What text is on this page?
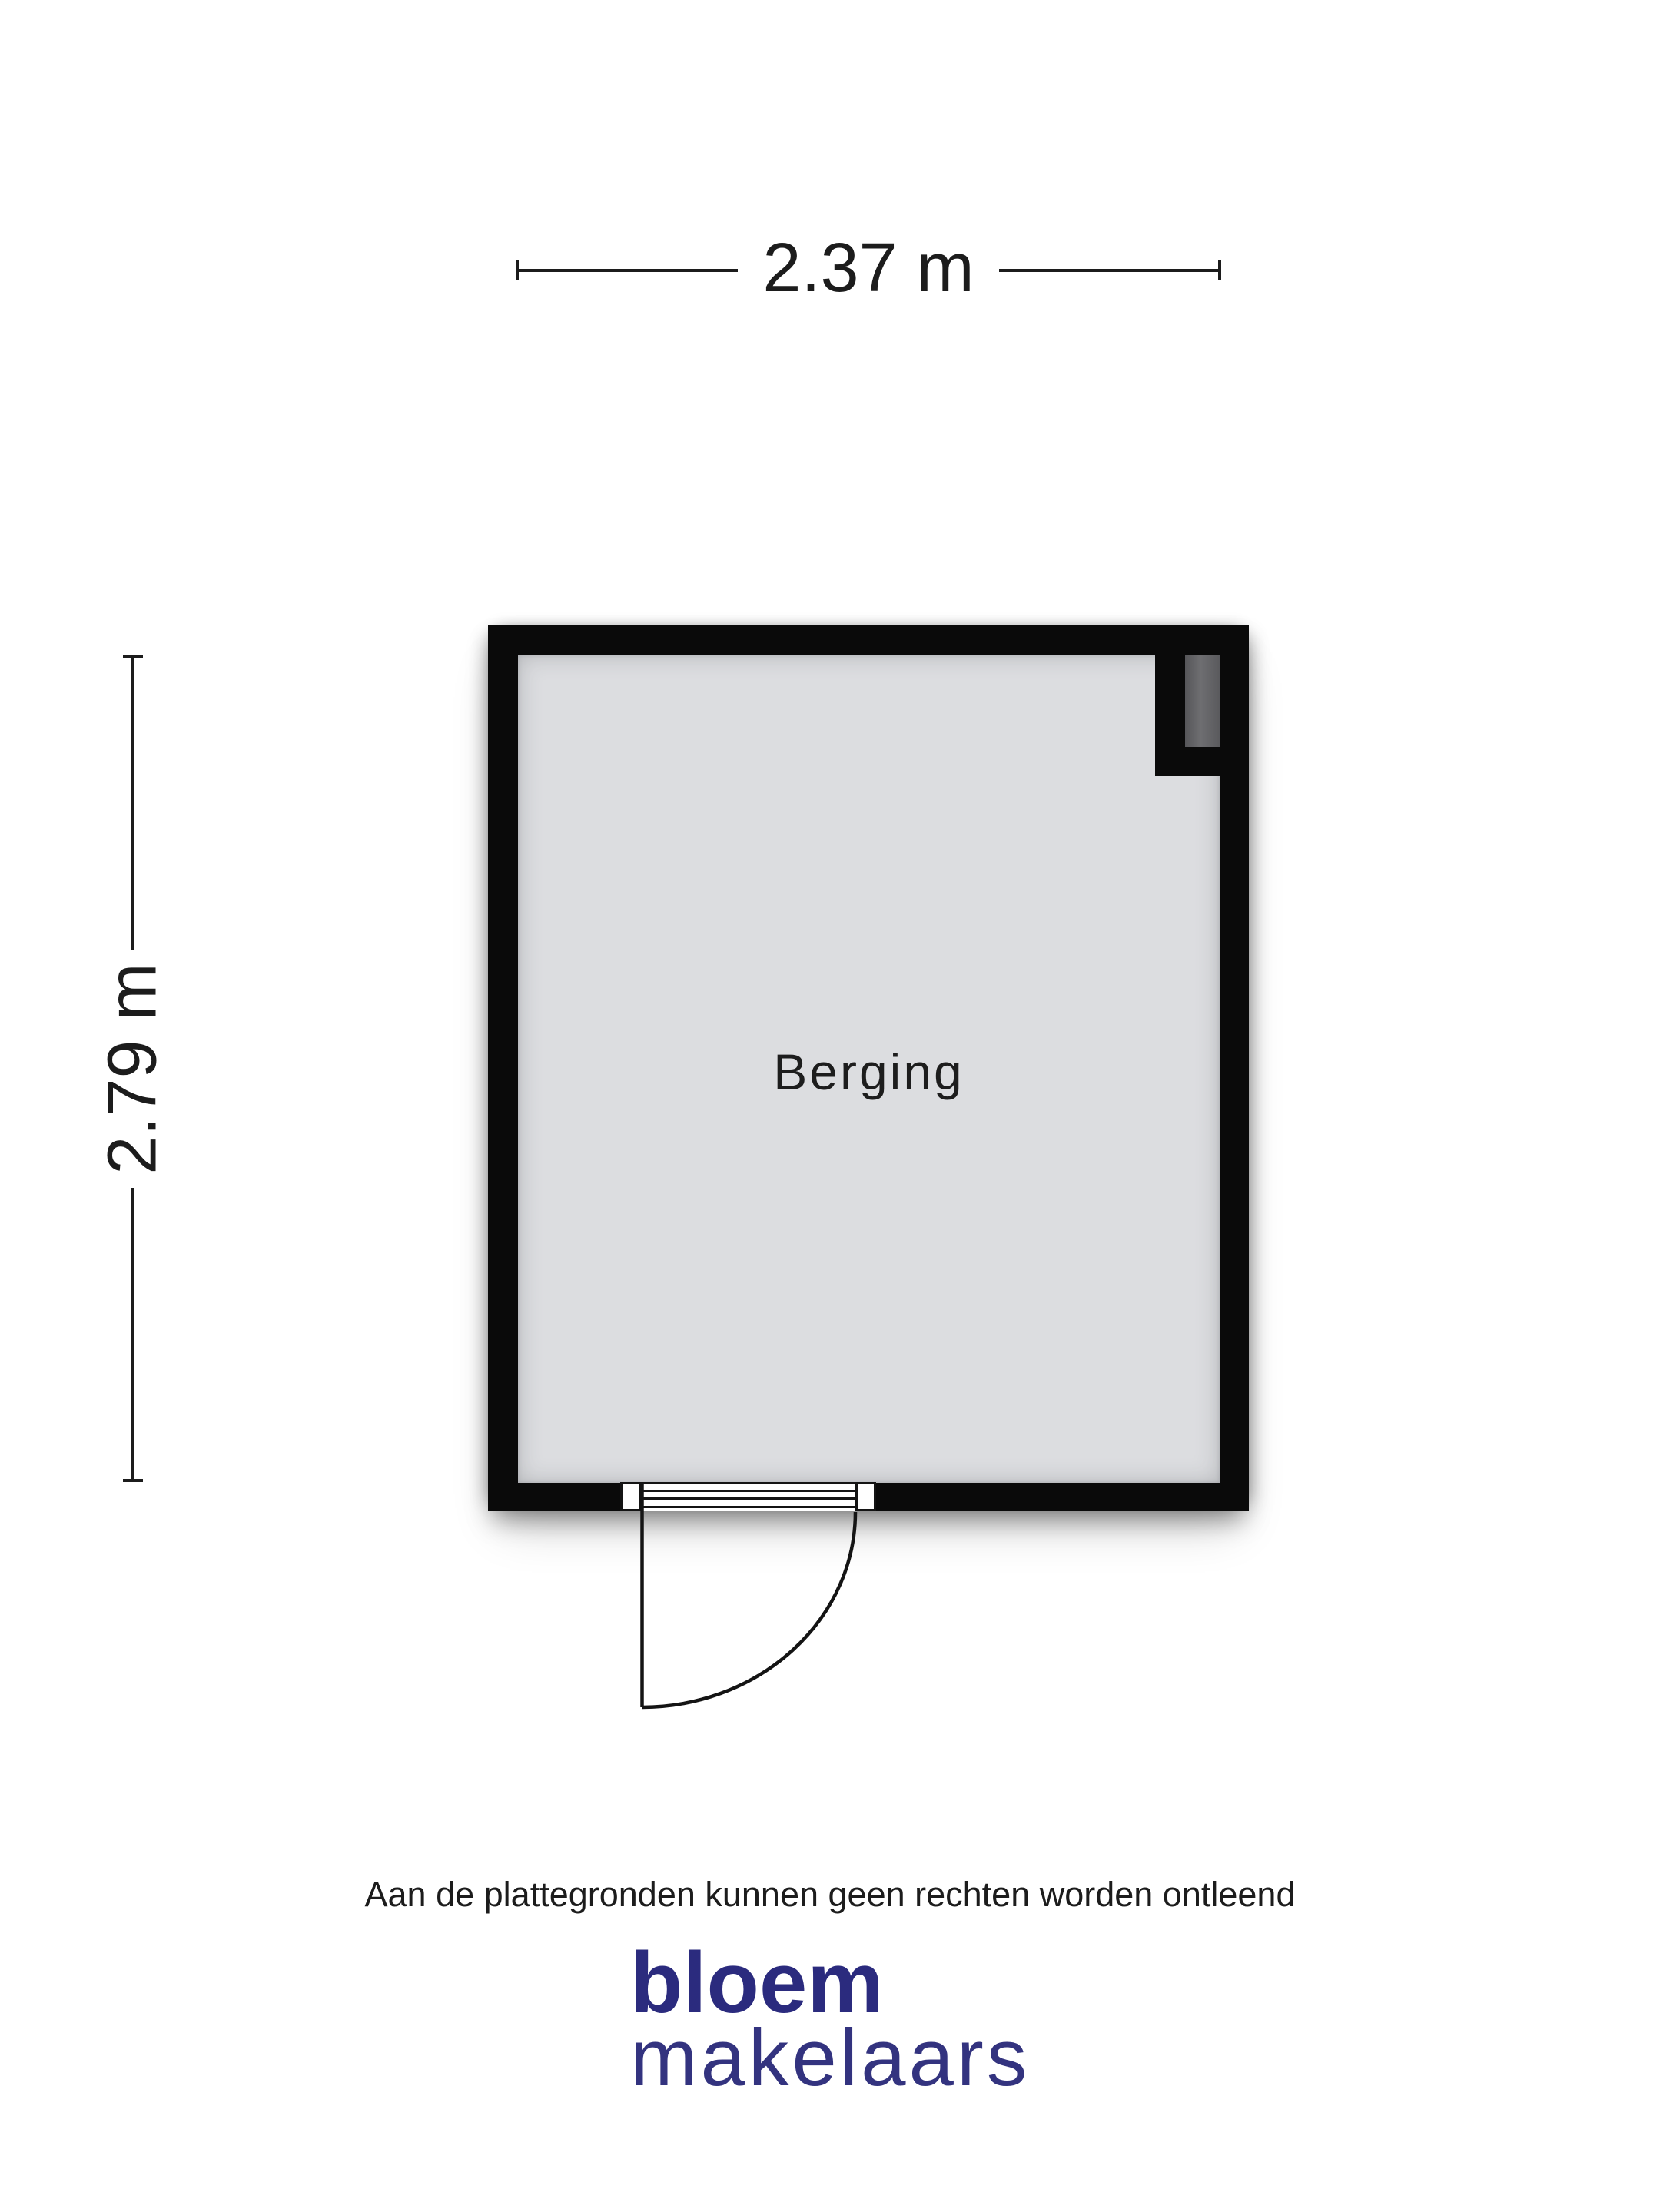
2.37 m
2.79 m	Berging
Aan de plattegronden kunnen geen rechten worden ontleend
bloem
makelaars
